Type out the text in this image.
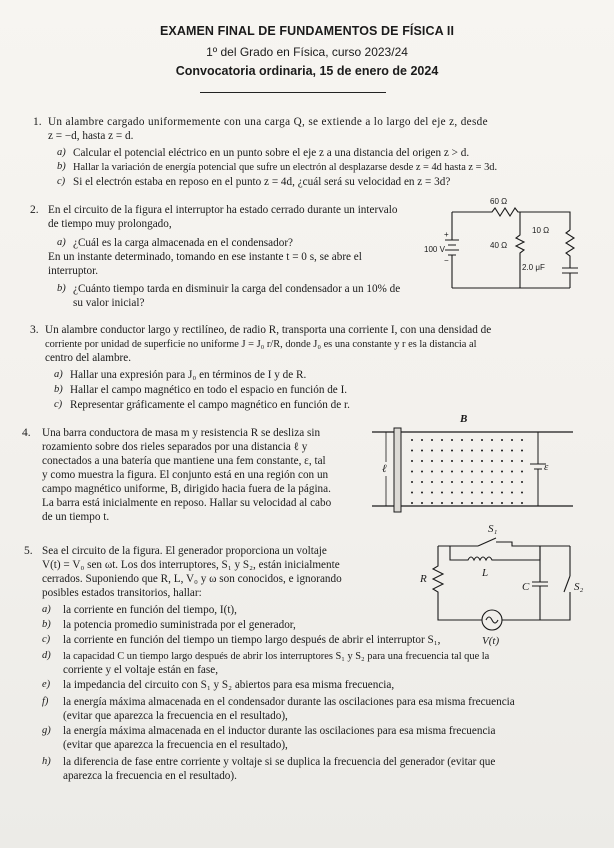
EXAMEN FINAL DE FUNDAMENTOS DE FÍSICA II
1º del Grado en Física, curso 2023/24
Convocatoria ordinaria, 15 de enero de 2024
1. Un alambre cargado uniformemente con una carga Q, se extiende a lo largo del eje z, desde
z = −d, hasta z = d.
a) Calcular el potencial eléctrico en un punto sobre el eje z a una distancia del origen z > d.
b) Hallar la variación de energía potencial que sufre un electrón al desplazarse desde z = 4d hasta z = 3d.
c) Si el electrón estaba en reposo en el punto z = 4d, ¿cuál será su velocidad en z = 3d?
2. En el circuito de la figura el interruptor ha estado cerrado durante un intervalo
de tiempo muy prolongado,
a) ¿Cuál es la carga almacenada en el condensador?
En un instante determinado, tomando en ese instante t = 0 s, se abre el
interruptor.
b) ¿Cuánto tiempo tarda en disminuir la carga del condensador a un 10% de
su valor inicial?
60 Ω
10 Ω
40 Ω
100 V
2.0 μF
+
−
3. Un alambre conductor largo y rectilíneo, de radio R, transporta una corriente I, con una densidad de
corriente por unidad de superficie no uniforme J = J₀ r/R, donde J₀ es una constante y r es la distancia al
centro del alambre.
a) Hallar una expresión para J₀ en términos de I y de R.
b) Hallar el campo magnético en todo el espacio en función de I.
c) Representar gráficamente el campo magnético en función de r.
4. Una barra conductora de masa m y resistencia R se desliza sin
rozamiento sobre dos rieles separados por una distancia ℓ y
conectados a una batería que mantiene una fem constante, ε, tal
y como muestra la figura. El conjunto está en una región con un
campo magnético uniforme, B, dirigido hacia fuera de la página.
La barra está inicialmente en reposo. Hallar su velocidad al cabo
de un tiempo t.
B
ℓ	ε
5. Sea el circuito de la figura. El generador proporciona un voltaje
V(t) = V₀ sen ωt. Los dos interruptores, S₁ y S₂, están inicialmente
cerrados. Suponiendo que R, L, V₀ y ω son conocidos, e ignorando
posibles estados transitorios, hallar:
S₁
S₂
L
R
C
V(t)
a) la corriente en función del tiempo, I(t),
b) la potencia promedio suministrada por el generador,
c) la corriente en función del tiempo un tiempo largo después de abrir el interruptor S₁,
d) la capacidad C un tiempo largo después de abrir los interruptores S₁ y S₂ para una frecuencia tal que la
corriente y el voltaje están en fase,
e) la impedancia del circuito con S₁ y S₂ abiertos para esa misma frecuencia,
f) la energía máxima almacenada en el condensador durante las oscilaciones para esa misma frecuencia
(evitar que aparezca la frecuencia en el resultado),
g) la energía máxima almacenada en el inductor durante las oscilaciones para esa misma frecuencia
(evitar que aparezca la frecuencia en el resultado),
h) la diferencia de fase entre corriente y voltaje si se duplica la frecuencia del generador (evitar que
aparezca la frecuencia en el resultado).
